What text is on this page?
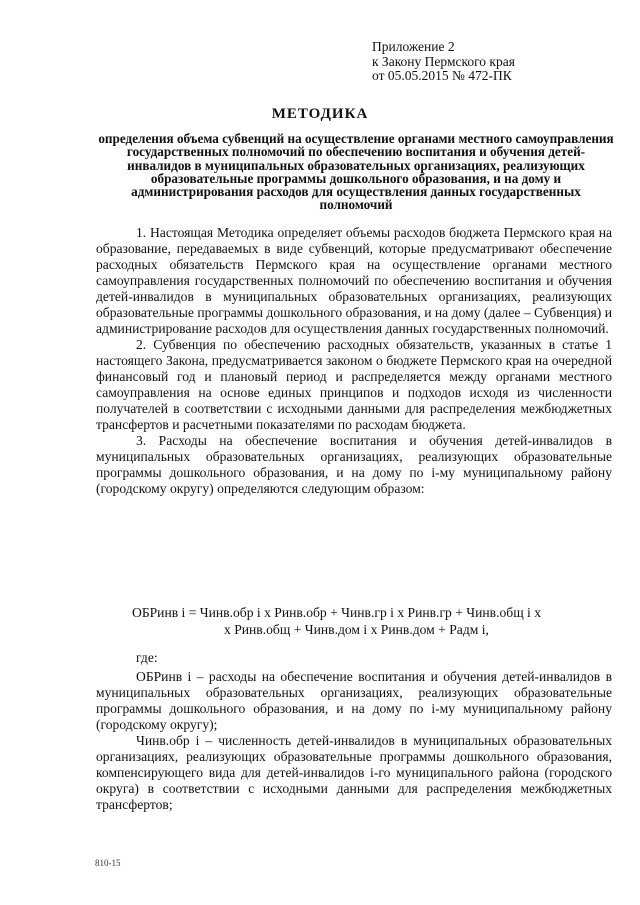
Приложение 2
к Закону Пермского края
от 05.05.2015 № 472-ПК
МЕТОДИКА
определения объема субвенций на осуществление органами местного самоуправления государственных полномочий по обеспечению воспитания и обучения детей-инвалидов в муниципальных образовательных организациях, реализующих образовательные программы дошкольного образования, и на дому и администрирования расходов для осуществления данных государственных полномочий

1. Настоящая Методика определяет объемы расходов бюджета Пермского края на образование, передаваемых в виде субвенций, которые предусматривают обеспечение расходных обязательств Пермского края на осуществление органами местного самоуправления государственных полномочий по обеспечению воспитания и обучения детей-инвалидов в муниципальных образовательных организациях, реализующих образовательные программы дошкольного образования, и на дому (далее – Субвенция) и администрирование расходов для осуществления данных государственных полномочий.

2. Субвенция по обеспечению расходных обязательств, указанных в статье 1 настоящего Закона, предусматривается законом о бюджете Пермского края на очередной финансовый год и плановый период и распределяется между органами местного самоуправления на основе единых принципов и подходов исходя из численности получателей в соответствии с исходными данными для распределения межбюджетных трансфертов и расчетными показателями по расходам бюджета.

3. Расходы на обеспечение воспитания и обучения детей-инвалидов в муниципальных образовательных организациях, реализующих образовательные программы дошкольного образования, и на дому по i-му муниципальному району (городскому округу) определяются следующим образом:

ОБРинв i = Чинв.обр i х Ринв.обр + Чинв.гр i х Ринв.гр + Чинв.общ i х
х Ринв.общ + Чинв.дом i х Ринв.дом + Радм i,

где:

ОБРинв i – расходы на обеспечение воспитания и обучения детей-инвалидов в муниципальных образовательных организациях, реализующих образовательные программы дошкольного образования, и на дому по i-му муниципальному району (городскому округу);

Чинв.обр i – численность детей-инвалидов в муниципальных образовательных организациях, реализующих образовательные программы дошкольного образования, компенсирующего вида для детей-инвалидов i-го муниципального района (городского округа) в соответствии с исходными данными для распределения межбюджетных трансфертов;

810-15
